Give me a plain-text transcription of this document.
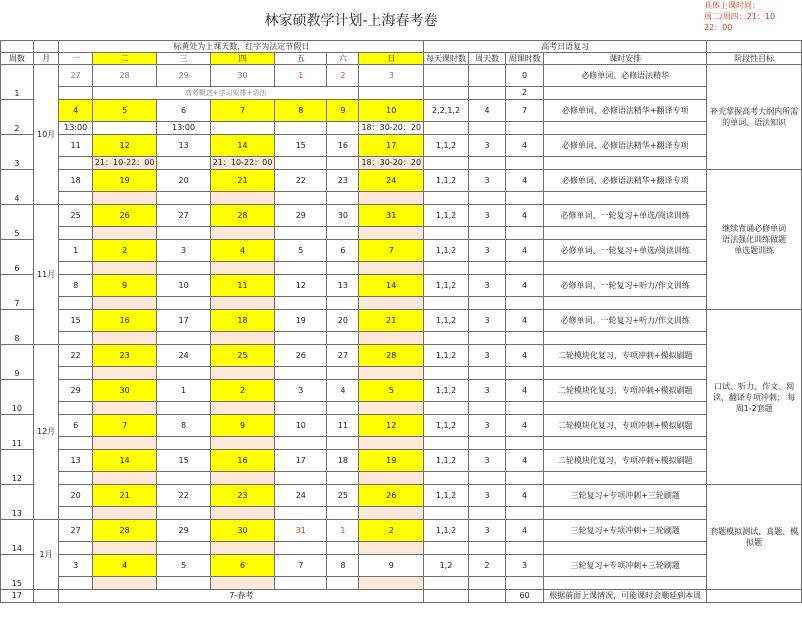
林家硕教学计划-上海春考卷
具体上课时间：
周二/周四：21：10
22：00
		标黄处为上课天数，红字为法定节假日							高考日语复习				
周数	月	一	二	三	四	五	六	日	每天课时数	周天数	周课时数	课时安排	阶段性目标
1	10月	27	28	29	30	1	2	3			0	必修单词、必修语法精华	补充掌握高考大纲内所需的单词、语法知识
			高考概述+学习安排+语法								2		
2		4	5	6	7	8	9	10	2,2,1,2	4	7	必修单词、必修语法精华+翻译专项	
		13:00		13:00				18：30-20：20					
3		11	12	13	14	15	16	17	1,1,2	3	4	必修单词、必修语法精华+翻译专项	
			21：10-22：00		21：10-22：00			18：30-20：20					
4		18	19	20	21	22	23	24	1,1,2	3	4	必修单词、必修语法精华+翻译专项	继续背诵必修单词
语法强化训练做题
单选题训练

5	11月	25	26	27	28	29	30	31	1,1,2	3	4	必修单词、一轮复习+单选/阅读训练	

6		1	2	3	4	5	6	7	1,1,2	3	4	必修单词、一轮复习+单选/阅读训练	

7		8	9	10	11	12	13	14	1,1,2	3	4	必修单词、一轮复习+听力/作文训练	

8		15	16	17	18	19	20	21	1,1,2	3	4	必修单词、一轮复习+听力/作文训练	口试、听力、作文、阅读、翻译专项冲刺； 每周1-2套题

9	12月	22	23	24	25	26	27	28	1,1,2	3	4	二轮模块化复习，专项冲刺+模拟刷题	

10		29	30	1	2	3	4	5	1,1,2	3	4	二轮模块化复习，专项冲刺+模拟刷题	

11		6	7	8	9	10	11	12	1,1,2	3	4	二轮模块化复习，专项冲刺+模拟刷题	

12		13	14	15	16	17	18	19	1,1,2	3	4	二轮模块化复习，专项冲刺+模拟刷题	

13		20	21	22	23	24	25	26	1,1,2	3	4	三轮复习+专项冲刺+三轮刷题	套题模拟测试、真题、模拟题

14	1月	27	28	29	30	31	1	2	1,1,2	3	4	三轮复习+专项冲刺+三轮刷题	

15		3	4	5	6	7	8	9	1,2	2	3	三轮复习+专项冲刺+三轮刷题	

17		7-春考									60	根据前面上课情况，可能课时会顺延到本周	
